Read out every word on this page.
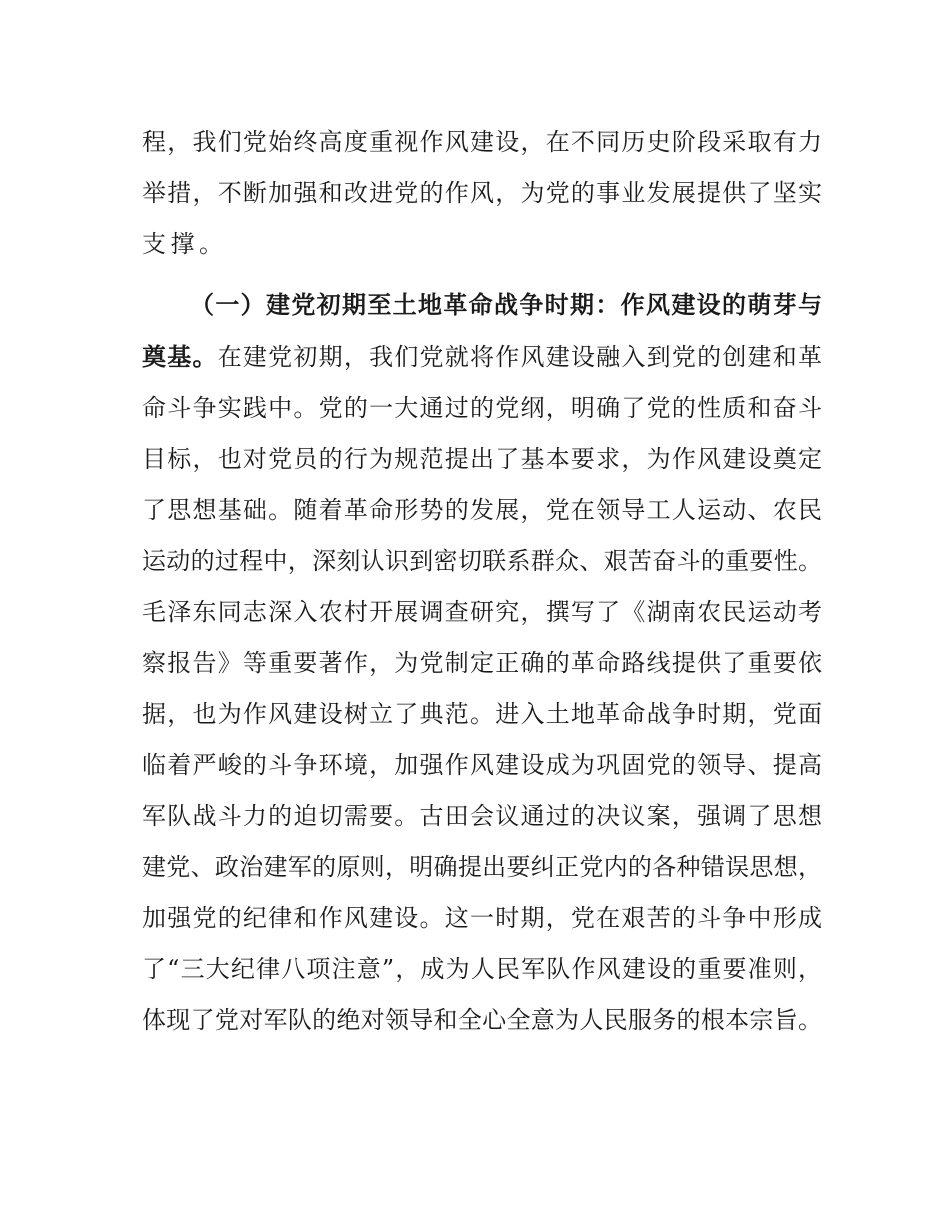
程，我们党始终高度重视作风建设，在不同历史阶段采取有力
举措，不断加强和改进党的作风，为党的事业发展提供了坚实
支撑。
（一）建党初期至土地革命战争时期：作风建设的萌芽与
奠基。在建党初期，我们党就将作风建设融入到党的创建和革
命斗争实践中。党的一大通过的党纲，明确了党的性质和奋斗
目标，也对党员的行为规范提出了基本要求，为作风建设奠定
了思想基础。随着革命形势的发展，党在领导工人运动、农民
运动的过程中，深刻认识到密切联系群众、艰苦奋斗的重要性。
毛泽东同志深入农村开展调查研究，撰写了《湖南农民运动考
察报告》等重要著作，为党制定正确的革命路线提供了重要依
据，也为作风建设树立了典范。进入土地革命战争时期，党面
临着严峻的斗争环境，加强作风建设成为巩固党的领导、提高
军队战斗力的迫切需要。古田会议通过的决议案，强调了思想
建党、政治建军的原则，明确提出要纠正党内的各种错误思想，
加强党的纪律和作风建设。这一时期，党在艰苦的斗争中形成
了“三大纪律八项注意”，成为人民军队作风建设的重要准则，
体现了党对军队的绝对领导和全心全意为人民服务的根本宗旨。
